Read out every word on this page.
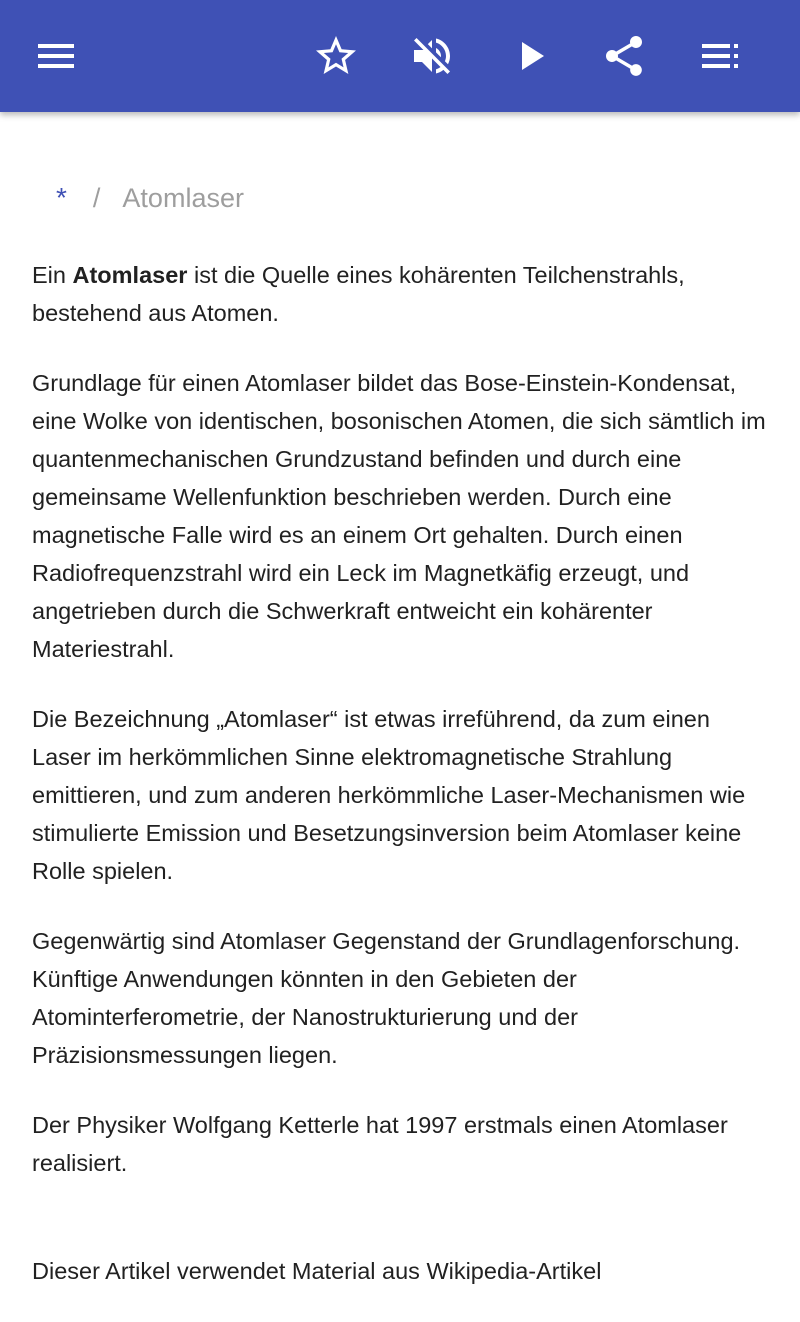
* / Atomlaser

Ein Atomlaser ist die Quelle eines kohärenten Teilchenstrahls, bestehend aus Atomen.

Grundlage für einen Atomlaser bildet das Bose-Einstein-Kondensat, eine Wolke von identischen, bosonischen Atomen, die sich sämtlich im quantenmechanischen Grundzustand befinden und durch eine gemeinsame Wellenfunktion beschrieben werden. Durch eine magnetische Falle wird es an einem Ort gehalten. Durch einen Radiofrequenzstrahl wird ein Leck im Magnetkäfig erzeugt, und angetrieben durch die Schwerkraft entweicht ein kohärenter Materiestrahl.

Die Bezeichnung „Atomlaser“ ist etwas irreführend, da zum einen Laser im herkömmlichen Sinne elektromagnetische Strahlung emittieren, und zum anderen herkömmliche Laser-Mechanismen wie stimulierte Emission und Besetzungsinversion beim Atomlaser keine Rolle spielen.

Gegenwärtig sind Atomlaser Gegenstand der Grundlagenforschung. Künftige Anwendungen könnten in den Gebieten der Atominterferometrie, der Nanostrukturierung und der Präzisionsmessungen liegen.

Der Physiker Wolfgang Ketterle hat 1997 erstmals einen Atomlaser realisiert.

Dieser Artikel verwendet Material aus Wikipedia-Artikel
